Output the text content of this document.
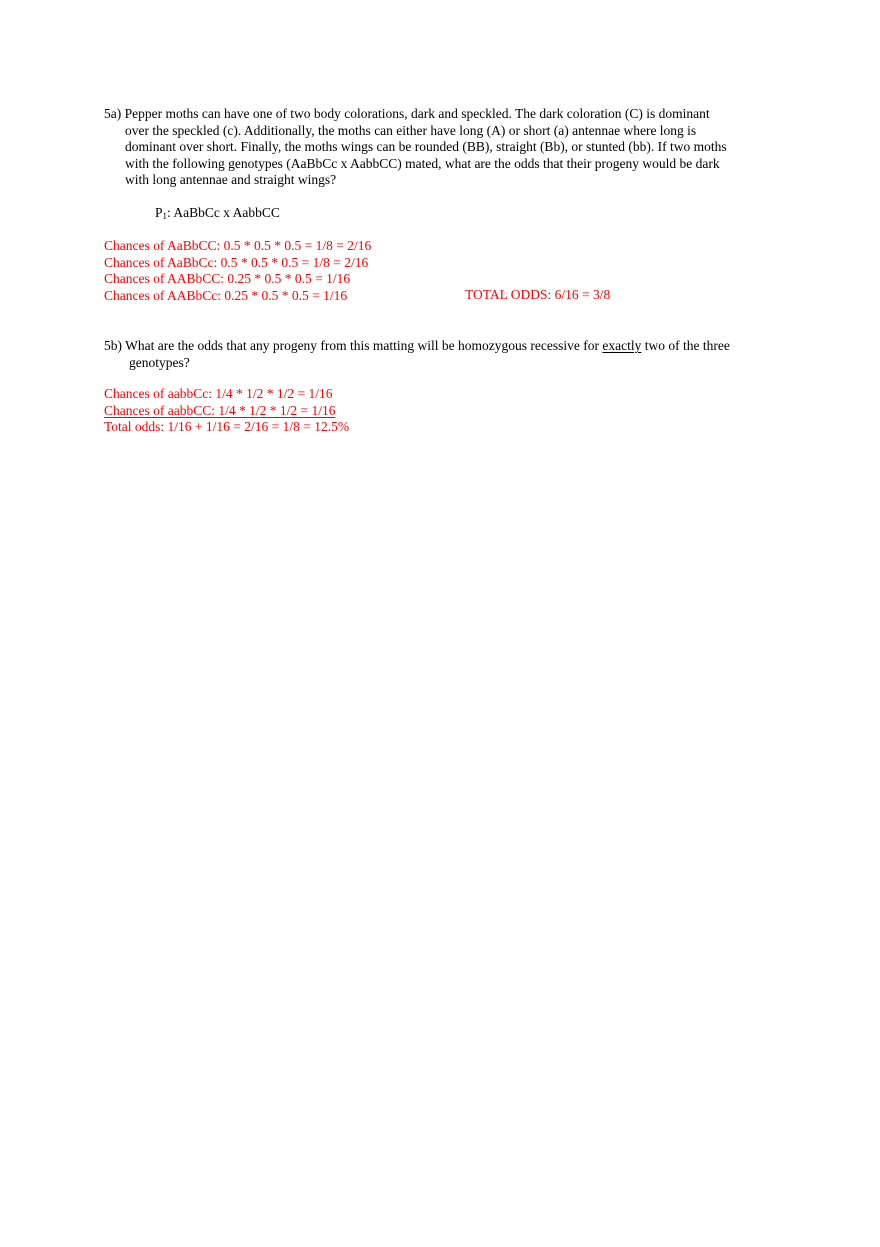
5a) Pepper moths can have one of two body colorations, dark and speckled. The dark coloration (C) is dominant
over the speckled (c). Additionally, the moths can either have long (A) or short (a) antennae where long is
dominant over short. Finally, the moths wings can be rounded (BB), straight (Bb), or stunted (bb). If two moths
with the following genotypes (AaBbCc x AabbCC) mated, what are the odds that their progeny would be dark
with long antennae and straight wings?
$P_1$: AaBbCc x AabbCC
Chances of AaBbCC: 0.5 * 0.5 * 0.5 = 1/8 = 2/16
Chances of AaBbCc: 0.5 * 0.5 * 0.5 = 1/8 = 2/16
Chances of AABbCC: 0.25 * 0.5 * 0.5 = 1/16
Chances of AABbCc: 0.25 * 0.5 * 0.5 = 1/16	TOTAL ODDS: 6/16 = 3/8
5b) What are the odds that any progeny from this matting will be homozygous recessive for exactly two of the three
genotypes?
Chances of aabbCc: 1/4 * 1/2 * 1/2 = 1/16
Chances of aabbCC: 1/4 * 1/2 * 1/2 = 1/16
Total odds: 1/16 + 1/16 = 2/16 = 1/8 = 12.5%
